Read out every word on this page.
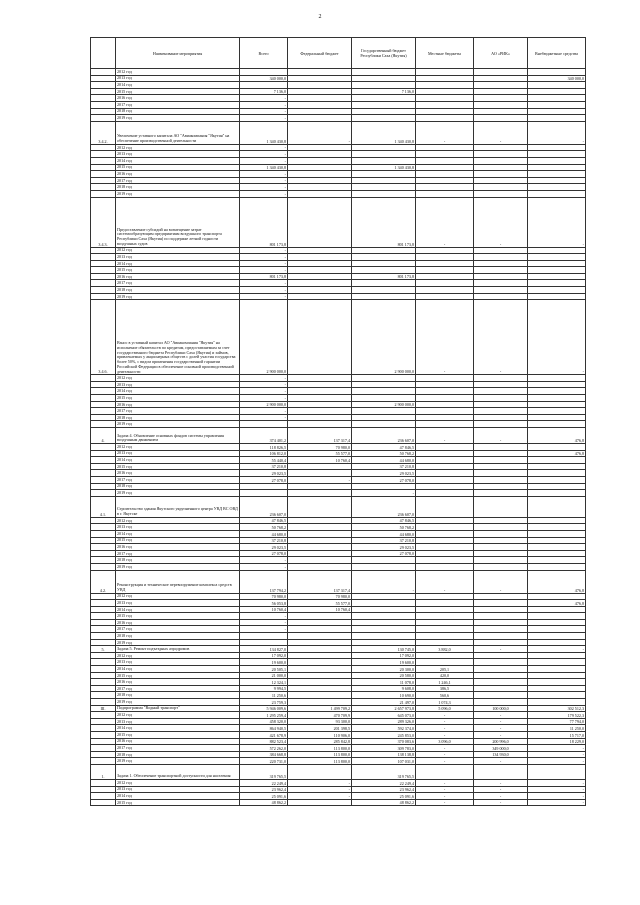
2
	Наименование мероприятия	Всего	Федеральный бюджет	Государственный бюджет Республики Саха (Якутия)	Местные бюджеты	АО «РИК»	Внебюджетные средства
	2012 год						
	2013 год	340 000,0					340 000,0
	2014 год						
	2015 год	7 136,0		7 136,0			
	2016 год	-					
	2017 год	-					
	2018 год	-					
	2019 год	-					
3.4.2.	Увеличение уставного капитала АО "Авиакомпания "Якутия" на обеспечение производственной деятельности	1 340 430,8	-	1 340 430,8	-	-	-
	2012 год	-					
	2013 год	-					
	2014 год	-					
	2015 год	1 340 430,8		1 340 430,8			
	2016 год	-					
	2017 год	-					
	2018 год	-					
	2019 год	-					
3.4.3.	Предоставление субсидий на возмещение затрат системообразующим предприятиям воздушного транспорта Республики Саха (Якутия) по поддержке летной годности воздушных судов	801 173,8		801 173,8	-	-	-
	2012 год	-					
	2013 год	-					
	2014 год	-					
	2015 год	-					
	2016 год	801 173,8		801 173,8			
	2017 год	-					
	2018 год	-					
	2019 год	-					
3.4.6.	Взнос в уставный капитал АО "Авиакомпания "Якутия" на исполнение обязательств по кредитам, предоставляемым за счет государственного бюджета Республики Саха (Якутия) и займов, привлекаемых у акционерных обществ с долей участия государства более 50%, с видом применения государственной гарантии Российской Федерации в обеспечение основной производственной деятельности	2 900 000,0		2 900 000,0	-	-	-
	2012 год	-					
	2013 год	-					
	2014 год	-					
	2015 год	-					
	2016 год	2 900 000,0		2 900 000,0			
	2017 год	-					
	2018 год	-					
	2019 год						
4.	Задача 4. Обновление основных фондов системы управления воздушным движением	374 401,2	137 317,4	236 607,0	-	-	476,8
	2012 год	118 826,5	70 980,0	47 846,5			
	2013 год	106 812,0	55 577,0	50 768,2			476,8
	2014 год	55 440,4	10 760,4	44 680,0			
	2015 год	37 210,8		37 210,8			
	2016 год	29 023,5		29 023,5			
	2017 год	27 078,0	-	27 078,0			
	2018 год						
	2019 год			-			
4.1.	Строительство здания Якутского укрупненного центра УВД ВС ОВД в г. Якутске	236 607,0		236 607,0			
	2012 год	47 846,5		47 846,5			
	2013 год	50 768,2		50 768,2			
	2014 год	44 680,0		44 680,0			
	2015 год	37 210,8		37 210,8			
	2016 год	29 023,5		29 023,5			
	2017 год	27 078,0		27 078,0			
	2018 год	-					
	2019 год	-					
4.2.	Реконструкция и техническое перевооружение комплекса средств УВД	137 794,2	137 317,4	-	-	-	476,8
	2012 год	70 980,0	70 980,0				
	2013 год	56 053,8	55 577,0				476,8
	2014 год	10 760,4	10 760,4				
	2015 год	-					
	2016 год	-					
	2017 год	-					
	2018 год						
	2019 год						
5.	Задача 5. Ремонт подъездных аэродромов	134 827,0		130 745,0	3 882,0	-	-
	2012 год	17 092,0		17 092,0			
	2013 год	19 600,0		19 600,0			
	2014 год	20 505,1		20 300,0	205,1		
	2015 год	21 000,0		20 580,0	420,0		
	2016 год	12 324,1		11 078,0	1 246,1		
	2017 год	9 994,5		9 608,0	386,5		
	2018 год	11 250,6		10 690,0	560,6		
	2019 год	23 759,3		21 497,0	1 074,3		
III.	Подпрограмма "Водный транспорт"	5 946 009,6	1 499 709,2	2 657 973,8	5 096,0	100 000,0	302 512,3
	2012 год	1 295 259,4	470 709,9	645 073,0	-	-	179 522,3
	2013 год	458 320,0	93 300,0	289 326,0	-	-	77 794,0
	2014 год	864 940,5	201 398,5	592 374,0	-	-	11 250,0
	2015 год	421 678,9	110 906,0	245 853,0	-	-	15 717,0
	2016 год	882 523,4	285 842,8	370 083,6	3 096,0	200 996,0	18 229,0
	2017 год	572 262,0	113 800,0	309 783,0	-	349 000,0	-
	2018 год	384 668,8	113 800,0	138 138,8	-	134 930,0	-
	2019 год	220 731,0	113 800,0	107 031,0	-	-	-
1.	Задача 1. Обеспечение транспортной доступности для населения	319 765,5		319 765,5			
	2012 год	22 249,4	-	22 249,4	-	-	-
	2013 год	23 962,4	-	23 962,4	-	-	-
	2014 год	25 091,6	-	25 091,6	-	-	-
	2015 год	48 862,2		48 862,2	-	-	-
